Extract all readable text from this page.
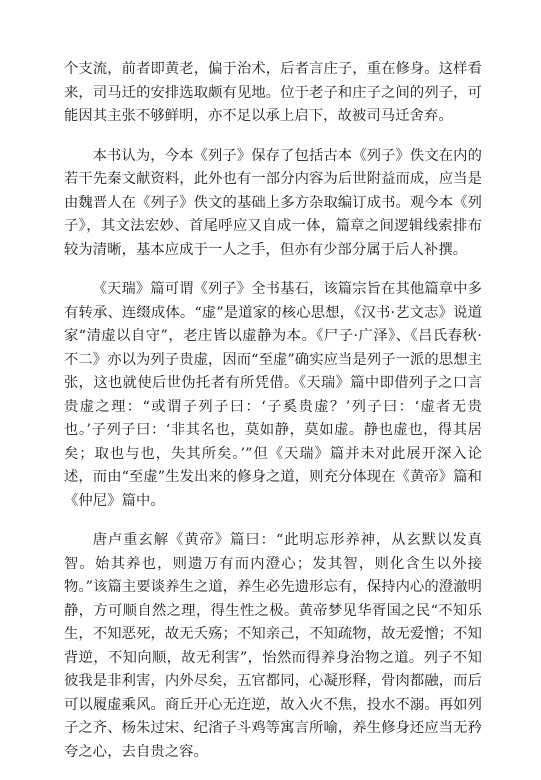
个支流，前者即黄老，偏于治术，后者言庄子，重在修身。这样看来，司马迁的安排选取颇有见地。位于老子和庄子之间的列子，可能因其主张不够鲜明，亦不足以承上启下，故被司马迁舍弃。

本书认为，今本《列子》保存了包括古本《列子》佚文在内的若干先秦文献资料，此外也有一部分内容为后世附益而成，应当是由魏晋人在《列子》佚文的基础上多方杂取编订成书。观今本《列子》，其文法宏妙、首尾呼应又自成一体，篇章之间逻辑线索排布较为清晰，基本应成于一人之手，但亦有少部分属于后人补撰。

《天瑞》篇可谓《列子》全书基石，该篇宗旨在其他篇章中多有转承、连缀成体。“虚”是道家的核心思想，《汉书·艺文志》说道家“清虚以自守”，老庄皆以虚静为本。《尸子·广泽》、《吕氏春秋·不二》亦以为列子贵虚，因而“至虚”确实应当是列子一派的思想主张，这也就使后世伪托者有所凭借。《天瑞》篇中即借列子之口言贵虚之理：“或谓子列子曰：‘子奚贵虚？’列子曰：‘虚者无贵也。’子列子曰：‘非其名也，莫如静，莫如虚。静也虚也，得其居矣；取也与也，失其所矣。’”但《天瑞》篇并未对此展开深入论述，而由“至虚”生发出来的修身之道，则充分体现在《黄帝》篇和《仲尼》篇中。

唐卢重玄解《黄帝》篇曰：“此明忘形养神，从玄默以发真智。始其养也，则遗万有而内澄心；发其智，则化含生以外接物。”该篇主要谈养生之道，养生必先遗形忘有，保持内心的澄澈明静，方可顺自然之理，得生性之极。黄帝梦见华胥国之民“不知乐生，不知恶死，故无夭殇；不知亲己，不知疏物，故无爱憎；不知背逆，不知向顺，故无利害”，怡然而得养身治物之道。列子不知彼我是非利害，内外尽矣，五官都同，心凝形释，骨肉都融，而后可以履虚乘风。商丘开心无迕逆，故入火不焦，投水不溺。再如列子之齐、杨朱过宋、纪渻子斗鸡等寓言所喻，养生修身还应当无矜夸之心，去自贵之容。
